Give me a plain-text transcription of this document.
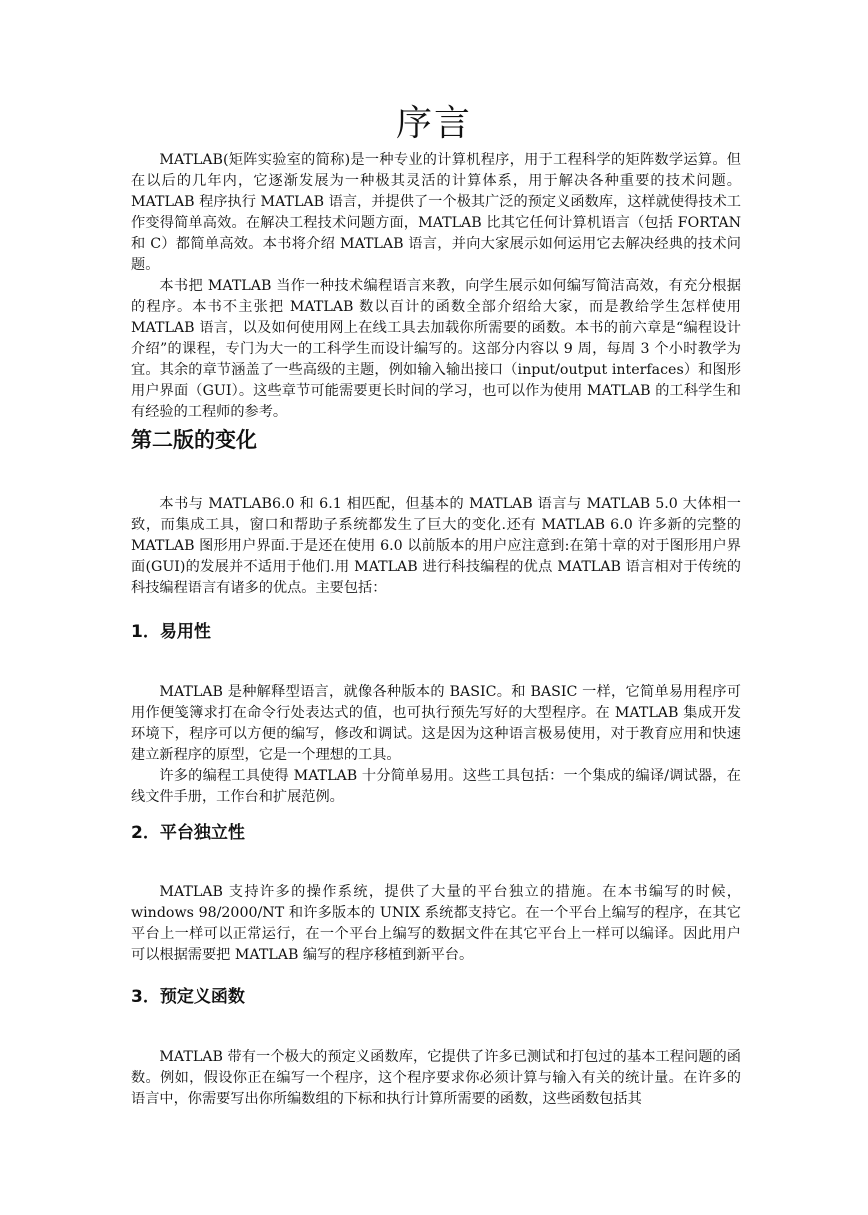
序言

MATLAB(矩阵实验室的简称)是一种专业的计算机程序，用于工程科学的矩阵数学运算。但在以后的几年内，它逐渐发展为一种极其灵活的计算体系，用于解决各种重要的技术问题。MATLAB 程序执行 MATLAB 语言，并提供了一个极其广泛的预定义函数库，这样就使得技术工作变得简单高效。在解决工程技术问题方面，MATLAB 比其它任何计算机语言（包括 FORTAN 和 C）都简单高效。本书将介绍 MATLAB 语言，并向大家展示如何运用它去解决经典的技术问题。

本书把 MATLAB 当作一种技术编程语言来教，向学生展示如何编写简洁高效，有充分根据的程序。本书不主张把 MATLAB 数以百计的函数全部介绍给大家，而是教给学生怎样使用 MATLAB 语言，以及如何使用网上在线工具去加载你所需要的函数。本书的前六章是“编程设计介绍”的课程，专门为大一的工科学生而设计编写的。这部分内容以 9 周，每周 3 个小时教学为宜。其余的章节涵盖了一些高级的主题，例如输入输出接口（input/output interfaces）和图形用户界面（GUI）。这些章节可能需要更长时间的学习，也可以作为使用 MATLAB 的工科学生和有经验的工程师的参考。

第二版的变化

本书与 MATLAB6.0 和 6.1 相匹配，但基本的 MATLAB 语言与 MATLAB 5.0 大体相一致，而集成工具，窗口和帮助子系统都发生了巨大的变化.还有 MATLAB 6.0 许多新的完整的 MATLAB 图形用户界面.于是还在使用 6.0 以前版本的用户应注意到:在第十章的对于图形用户界面(GUI)的发展并不适用于他们.用 MATLAB 进行科技编程的优点 MATLAB 语言相对于传统的科技编程语言有诸多的优点。主要包括：

1．易用性

MATLAB 是种解释型语言，就像各种版本的 BASIC。和 BASIC 一样，它简单易用程序可用作便笺簿求打在命令行处表达式的值，也可执行预先写好的大型程序。在 MATLAB 集成开发环境下，程序可以方便的编写，修改和调试。这是因为这种语言极易使用，对于教育应用和快速建立新程序的原型，它是一个理想的工具。

许多的编程工具使得 MATLAB 十分简单易用。这些工具包括：一个集成的编译/调试器，在线文件手册，工作台和扩展范例。

2．平台独立性

MATLAB 支持许多的操作系统，提供了大量的平台独立的措施。在本书编写的时候，windows 98/2000/NT 和许多版本的 UNIX 系统都支持它。在一个平台上编写的程序，在其它平台上一样可以正常运行，在一个平台上编写的数据文件在其它平台上一样可以编译。因此用户可以根据需要把 MATLAB 编写的程序移植到新平台。

3．预定义函数

MATLAB 带有一个极大的预定义函数库，它提供了许多已测试和打包过的基本工程问题的函数。例如，假设你正在编写一个程序，这个程序要求你必须计算与输入有关的统计量。在许多的语言中，你需要写出你所编数组的下标和执行计算所需要的函数，这些函数包括其
